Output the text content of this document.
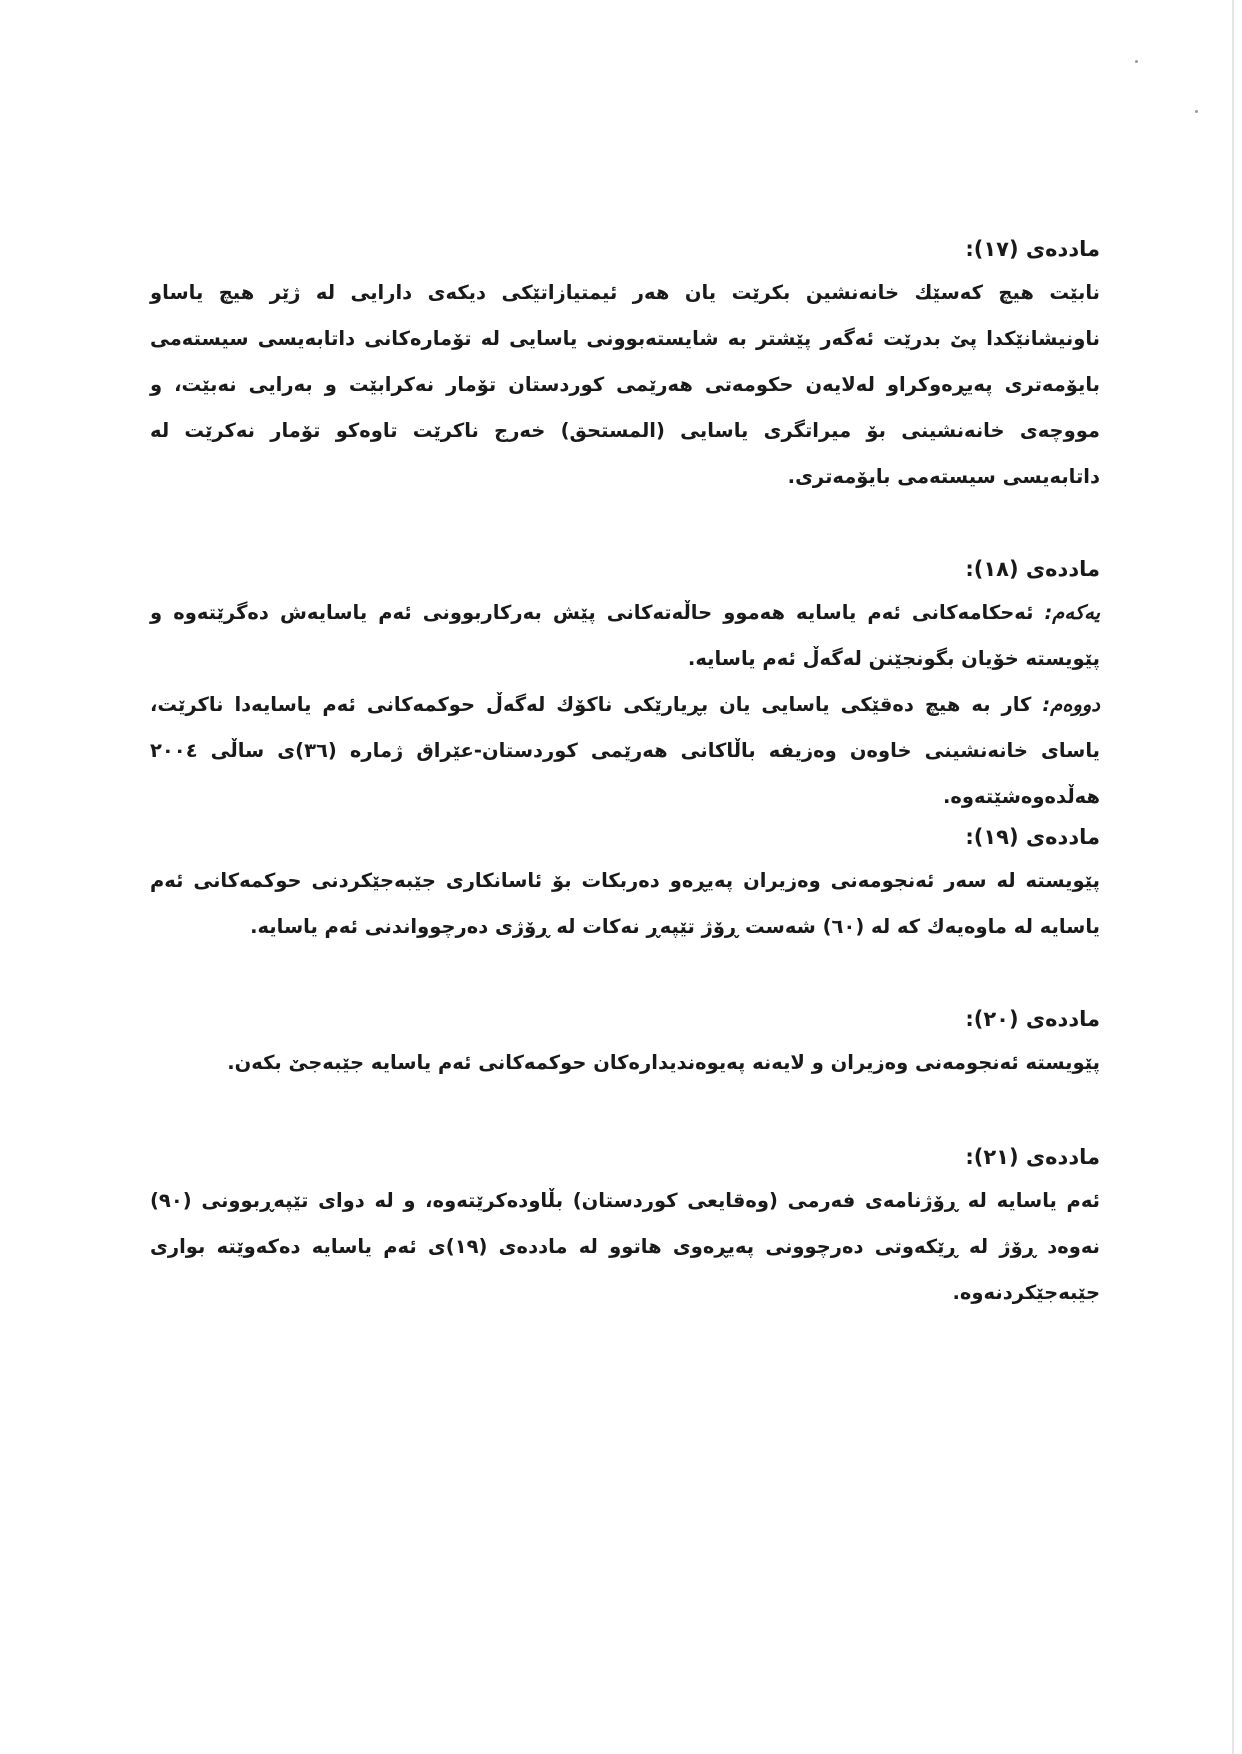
ماددەی (١٧):

نابێت هیچ کەسێك خانەنشین بکرێت یان هەر ئیمتیازاتێکی دیکەی دارایی لە ژێر هیچ یاساو ناونیشانێکدا پێ بدرێت ئەگەر پێشتر بە شایستەبوونی یاسایی لە تۆمارەکانی داتابەیسی سیستەمی بایۆمەتری پەیڕەوکراو لەلایەن حکومەتی هەرێمی کوردستان تۆمار نەکرابێت و بەرایی نەبێت، و مووچەی خانەنشینی بۆ میراتگری یاسایی (المستحق) خەرج ناکرێت تاوەکو تۆمار نەکرێت لە داتابەیسی سیستەمی بایۆمەتری.

ماددەی (١٨):

یەکەم: ئەحکامەکانی ئەم یاسایە هەموو حاڵەتەکانی پێش بەرکاربوونی ئەم یاسایەش دەگرێتەوە و پێویستە خۆیان بگونجێنن لەگەڵ ئەم یاسایە.

دووەم: کار بە هیچ دەقێکی یاسایی یان بڕیارێکی ناکۆك لەگەڵ حوکمەکانی ئەم یاسایەدا ناکرێت، یاسای خانەنشینی خاوەن وەزیفە باڵاکانی هەرێمی کوردستان-عێراق ژمارە (٣٦)ی ساڵی ٢٠٠٤ هەڵدەوەشێتەوە.

ماددەی (١٩):

پێویستە لە سەر ئەنجومەنی وەزیران پەیڕەو دەربکات بۆ ئاسانکاری جێبەجێکردنی حوکمەکانی ئەم یاسایە لە ماوەیەك کە لە (٦٠) شەست ڕۆژ تێپەڕ نەکات لە ڕۆژی دەرچوواندنی ئەم یاسایە.

ماددەی (٢٠):

پێویستە ئەنجومەنی وەزیران و لایەنە پەیوەندیدارەکان حوکمەکانی ئەم یاسایە جێبەجێ بکەن.

ماددەی (٢١):

ئەم یاسایە لە ڕۆژنامەی فەرمی (وەقایعی کوردستان) بڵاودەکرێتەوە، و لە دوای تێپەڕبوونی (٩٠) نەوەد ڕۆژ لە ڕێکەوتی دەرچوونی پەیڕەوی هاتوو لە ماددەی (١٩)ی ئەم یاسایە دەکەوێتە بواری جێبەجێکردنەوە.
